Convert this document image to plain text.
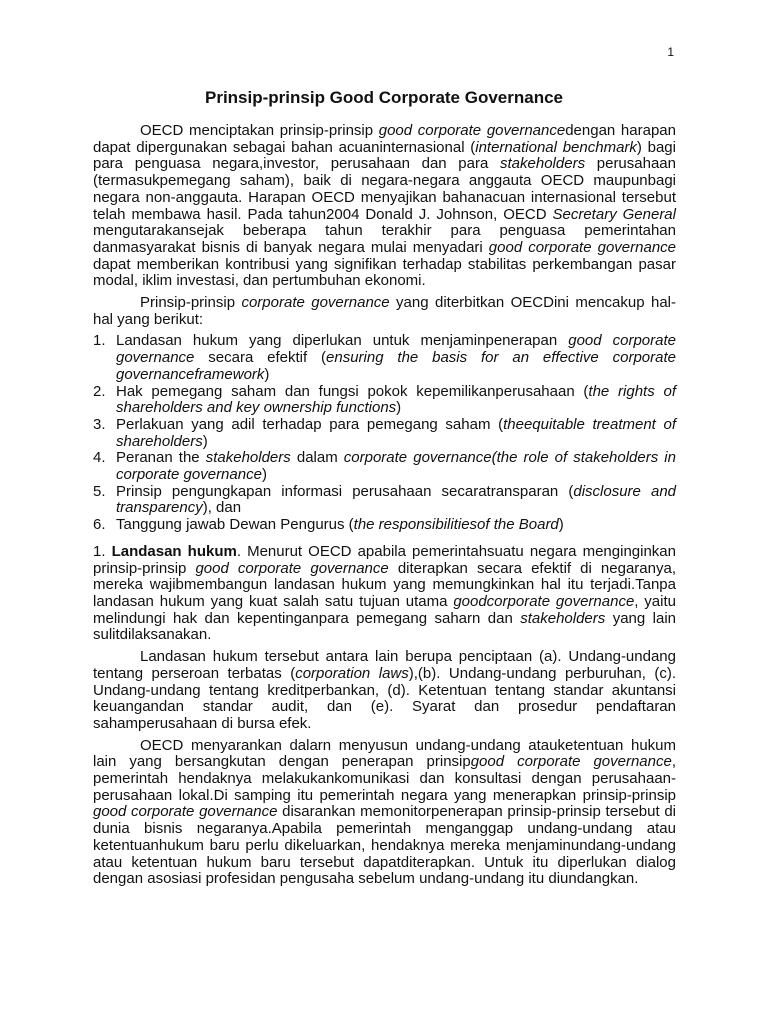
1
Prinsip-prinsip Good Corporate Governance

OECD menciptakan prinsip-prinsip good corporate governancedengan harapan dapat dipergunakan sebagai bahan acuaninternasional (international benchmark) bagi para penguasa negara,investor, perusahaan dan para stakeholders perusahaan (termasukpemegang saham), baik di negara-negara anggauta OECD maupunbagi negara non-anggauta. Harapan OECD menyajikan bahanacuan internasional tersebut telah membawa hasil. Pada tahun2004 Donald J. Johnson, OECD Secretary General mengutarakansejak beberapa tahun terakhir para penguasa pemerintahan danmasyarakat bisnis di banyak negara mulai menyadari good corporate governance dapat memberikan kontribusi yang signifikan terhadap stabilitas perkembangan pasar modal, iklim investasi, dan pertumbuhan ekonomi.

Prinsip-prinsip corporate governance yang diterbitkan OECDini mencakup hal-hal yang berikut:

1. Landasan hukum yang diperlukan untuk menjaminpenerapan good corporate governance secara efektif (ensuring the basis for an effective corporate governanceframework)
2. Hak pemegang saham dan fungsi pokok kepemilikanperusahaan (the rights of shareholders and key ownership functions)
3. Perlakuan yang adil terhadap para pemegang saham (theequitable treatment of shareholders)
4. Peranan the stakeholders dalam corporate governance(the role of stakeholders in corporate governance)
5. Prinsip pengungkapan informasi perusahaan secaratransparan (disclosure and transparency), dan
6. Tanggung jawab Dewan Pengurus (the responsibilitiesof the Board)

1. Landasan hukum. Menurut OECD apabila pemerintahsuatu negara menginginkan prinsip-prinsip good corporate governance diterapkan secara efektif di negaranya, mereka wajibmembangun landasan hukum yang memungkinkan hal itu terjadi.Tanpa landasan hukum yang kuat salah satu tujuan utama goodcorporate governance, yaitu melindungi hak dan kepentinganpara pemegang saharn dan stakeholders yang lain sulitdilaksanakan.

Landasan hukum tersebut antara lain berupa penciptaan (a). Undang-undang tentang perseroan terbatas (corporation laws),(b). Undang-undang perburuhan, (c). Undang-undang tentang kreditperbankan, (d). Ketentuan tentang standar akuntansi keuangandan standar audit, dan (e). Syarat dan prosedur pendaftaran sahamperusahaan di bursa efek.

OECD menyarankan dalarn menyusun undang-undang atauketentuan hukum lain yang bersangkutan dengan penerapan prinsipgood corporate governance, pemerintah hendaknya melakukankomunikasi dan konsultasi dengan perusahaan-perusahaan lokal.Di samping itu pemerintah negara yang menerapkan prinsip-prinsip good corporate governance disarankan memonitorpenerapan prinsip-prinsip tersebut di dunia bisnis negaranya.Apabila pemerintah menganggap undang-undang atau ketentuanhukum baru perlu dikeluarkan, hendaknya mereka menjaminundang-undang atau ketentuan hukum baru tersebut dapatditerapkan. Untuk itu diperlukan dialog dengan asosiasi profesidan pengusaha sebelum undang-undang itu diundangkan.
